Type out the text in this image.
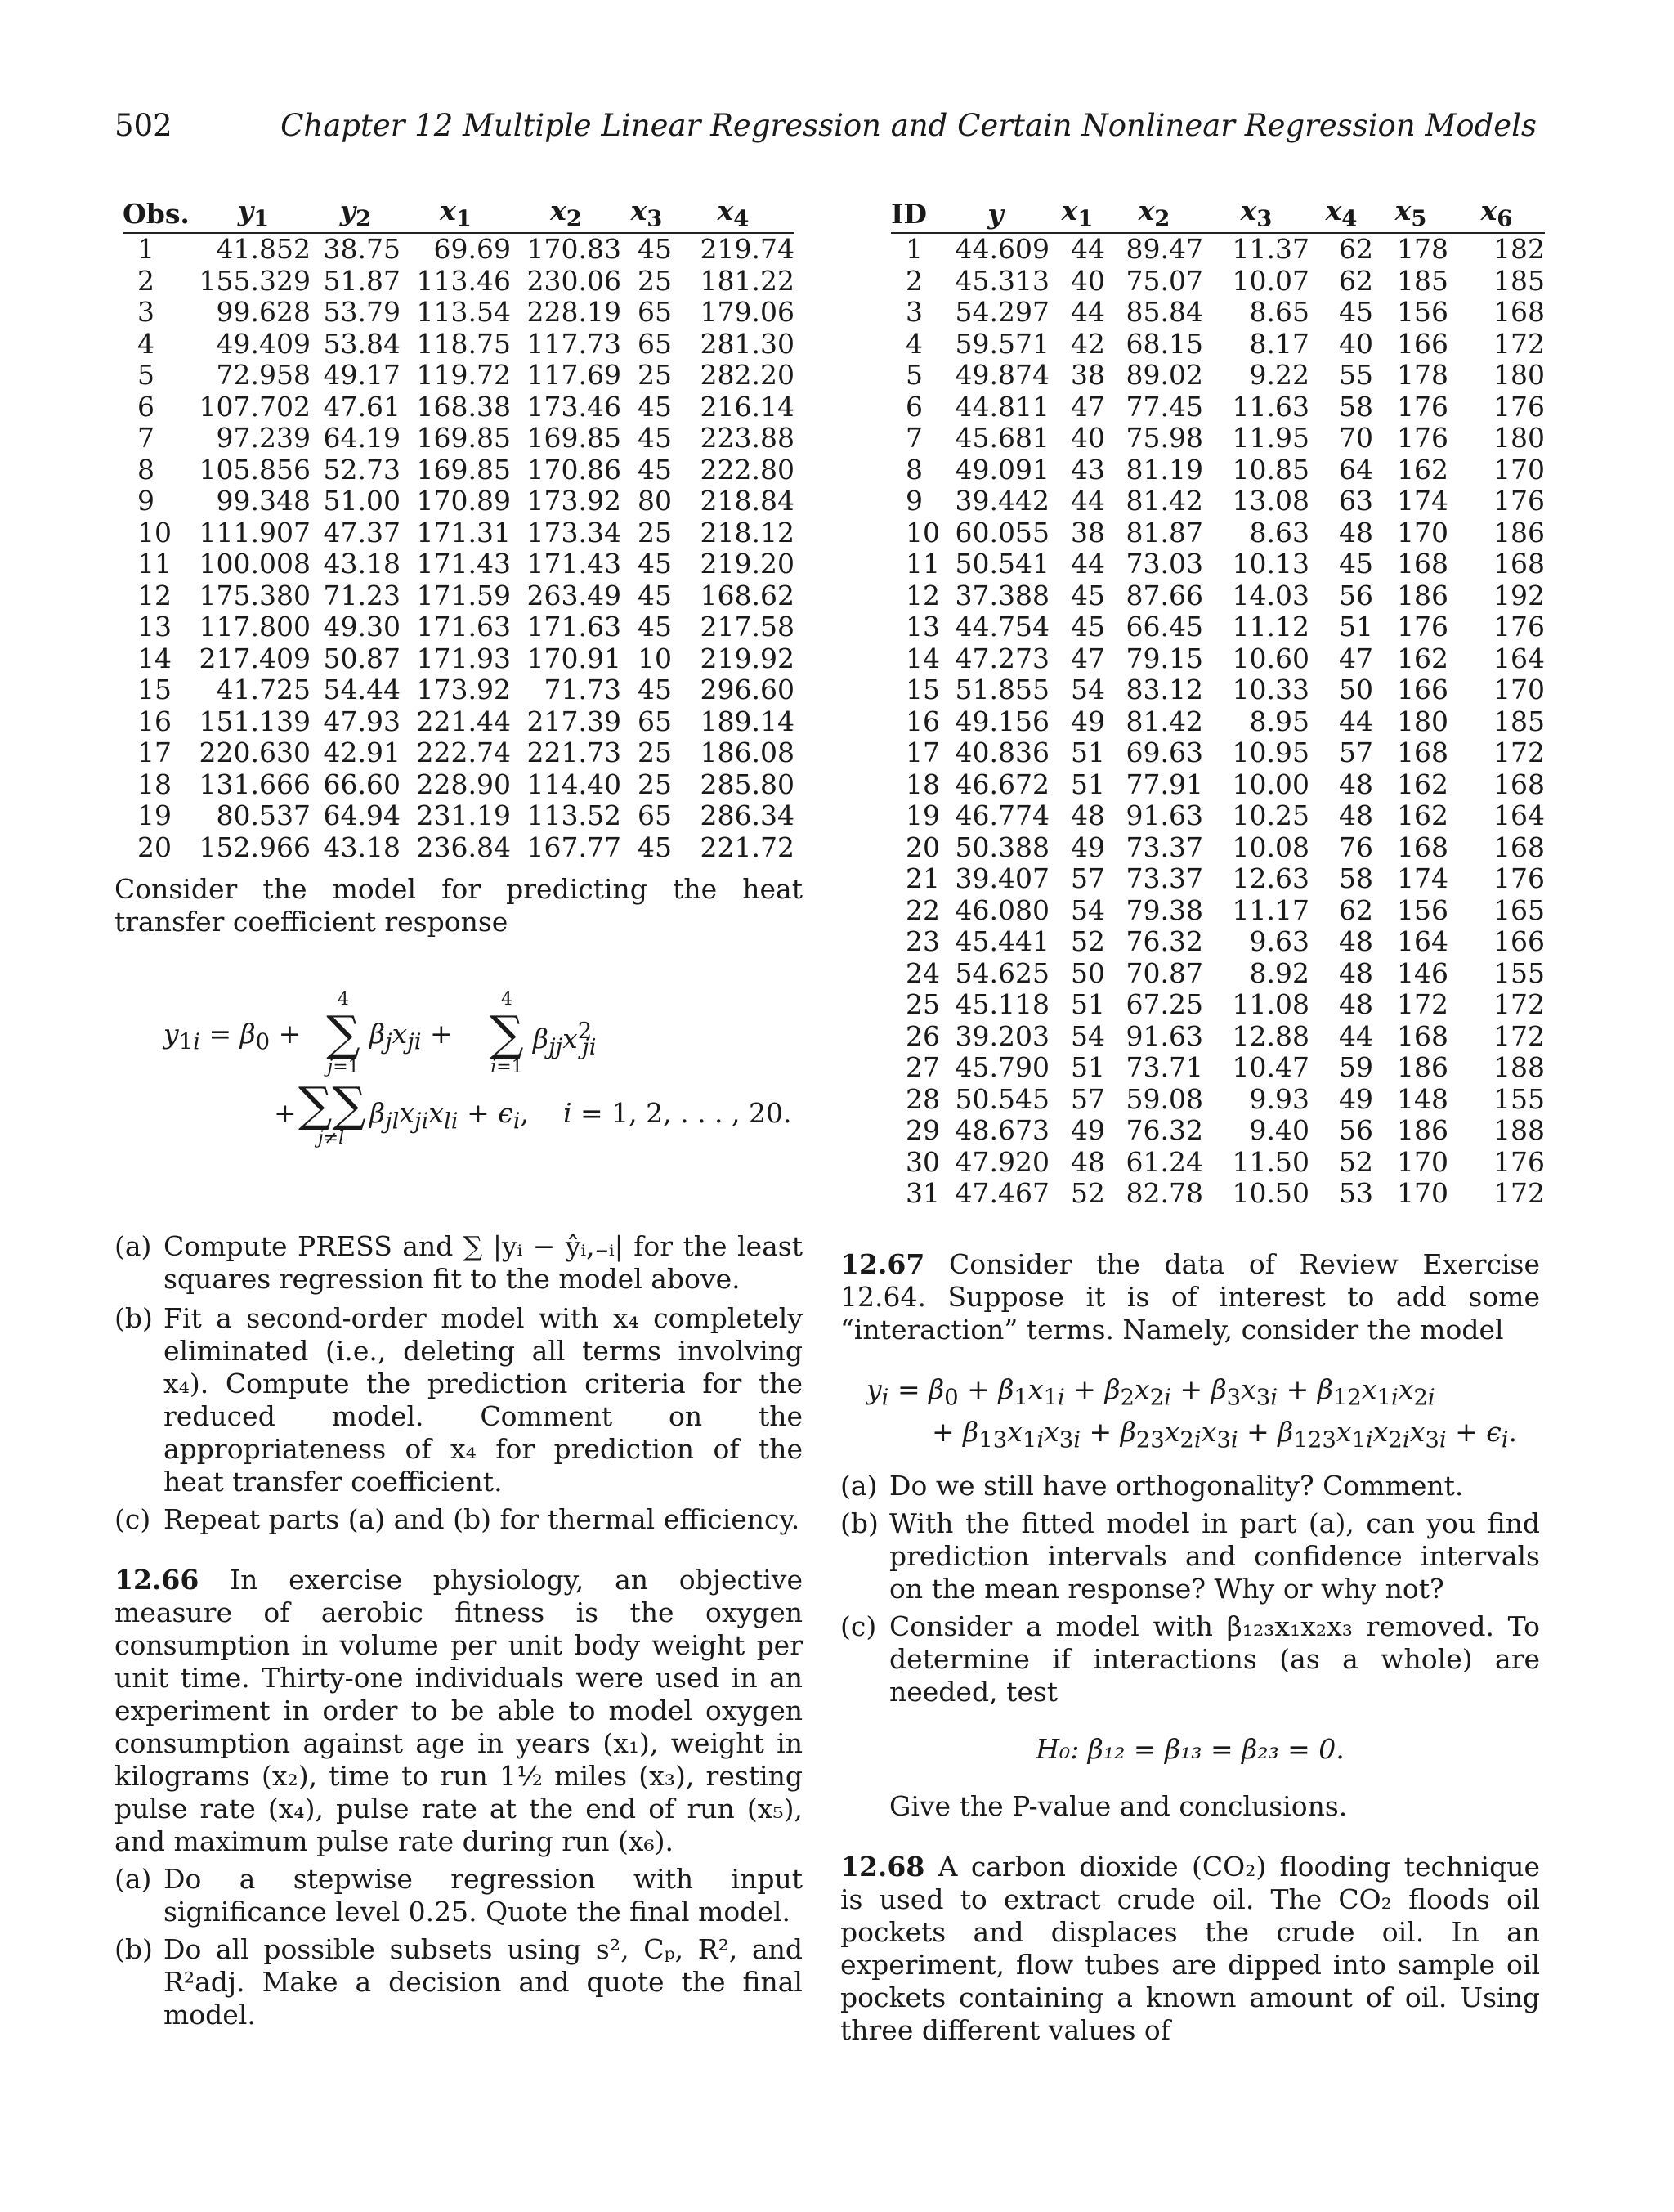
502	Chapter 12 Multiple Linear Regression and Certain Nonlinear Regression Models
Obs.	$y_1$	$y_2$	$x_1$	$x_2$	$x_3$	$x_4$
1	41.852	38.75	69.69	170.83	45	219.74
2	155.329	51.87	113.46	230.06	25	181.22
3	99.628	53.79	113.54	228.19	65	179.06
4	49.409	53.84	118.75	117.73	65	281.30
5	72.958	49.17	119.72	117.69	25	282.20
6	107.702	47.61	168.38	173.46	45	216.14
7	97.239	64.19	169.85	169.85	45	223.88
8	105.856	52.73	169.85	170.86	45	222.80
9	99.348	51.00	170.89	173.92	80	218.84
10	111.907	47.37	171.31	173.34	25	218.12
11	100.008	43.18	171.43	171.43	45	219.20
12	175.380	71.23	171.59	263.49	45	168.62
13	117.800	49.30	171.63	171.63	45	217.58
14	217.409	50.87	171.93	170.91	10	219.92
15	41.725	54.44	173.92	71.73	45	296.60
16	151.139	47.93	221.44	217.39	65	189.14
17	220.630	42.91	222.74	221.73	25	186.08
18	131.666	66.60	228.90	114.40	25	285.80
19	80.537	64.94	231.19	113.52	65	286.34
20	152.966	43.18	236.84	167.77	45	221.72
ID	y	$x_1$	$x_2$	$x_3$	$x_4$	$x_5$	$x_6$
1	44.609	44	89.47	11.37	62	178	182
2	45.313	40	75.07	10.07	62	185	185
3	54.297	44	85.84	8.65	45	156	168
4	59.571	42	68.15	8.17	40	166	172
5	49.874	38	89.02	9.22	55	178	180
6	44.811	47	77.45	11.63	58	176	176
7	45.681	40	75.98	11.95	70	176	180
8	49.091	43	81.19	10.85	64	162	170
9	39.442	44	81.42	13.08	63	174	176
10	60.055	38	81.87	8.63	48	170	186
11	50.541	44	73.03	10.13	45	168	168
12	37.388	45	87.66	14.03	56	186	192
13	44.754	45	66.45	11.12	51	176	176
14	47.273	47	79.15	10.60	47	162	164
15	51.855	54	83.12	10.33	50	166	170
16	49.156	49	81.42	8.95	44	180	185
17	40.836	51	69.63	10.95	57	168	172
18	46.672	51	77.91	10.00	48	162	168
19	46.774	48	91.63	10.25	48	162	164
20	50.388	49	73.37	10.08	76	168	168
21	39.407	57	73.37	12.63	58	174	176
22	46.080	54	79.38	11.17	62	156	165
23	45.441	52	76.32	9.63	48	164	166
24	54.625	50	70.87	8.92	48	146	155
25	45.118	51	67.25	11.08	48	172	172
26	39.203	54	91.63	12.88	44	168	172
27	45.790	51	73.71	10.47	59	186	188
28	50.545	57	59.08	9.93	49	148	155
29	48.673	49	76.32	9.40	56	186	188
30	47.920	48	61.24	11.50	52	170	176
31	47.467	52	82.78	10.50	53	170	172
Consider the model for predicting the heat transfer coefficient response
$y_{1i} = \beta_0$ +
4
∑
j=1
$\beta_jx_{ji}$ +
4
∑
i=1
$\beta_{jj}x^2_{ji}$
+ ∑∑
j≠l
$\beta_{jl}x_{ji}x_{li} + \epsilon_i$,    i = 1, 2, . . . , 20.
(a) Compute PRESS and ∑ |yᵢ − ŷᵢ,₋ᵢ| for the least squares regression fit to the model above.
(b) Fit a second-order model with x₄ completely eliminated (i.e., deleting all terms involving x₄). Compute the prediction criteria for the reduced model. Comment on the appropriateness of x₄ for prediction of the heat transfer coefficient.
(c) Repeat parts (a) and (b) for thermal efficiency.
12.66 In exercise physiology, an objective measure of aerobic fitness is the oxygen consumption in volume per unit body weight per unit time. Thirty-one individuals were used in an experiment in order to be able to model oxygen consumption against age in years (x₁), weight in kilograms (x₂), time to run 1½ miles (x₃), resting pulse rate (x₄), pulse rate at the end of run (x₅), and maximum pulse rate during run (x₆).
(a) Do a stepwise regression with input significance level 0.25. Quote the final model.
(b) Do all possible subsets using s², Cₚ, R², and R²adj. Make a decision and quote the final model.
12.67 Consider the data of Review Exercise 12.64. Suppose it is of interest to add some “interaction” terms. Namely, consider the model
$y_i = \beta_0 + \beta_1x_{1i} + \beta_2x_{2i} + \beta_3x_{3i} + \beta_{12}x_{1i}x_{2i}$
+ $\beta_{13}x_{1i}x_{3i} + \beta_{23}x_{2i}x_{3i} + \beta_{123}x_{1i}x_{2i}x_{3i} + \epsilon_i$.
(a) Do we still have orthogonality? Comment.
(b) With the fitted model in part (a), can you find prediction intervals and confidence intervals on the mean response? Why or why not?
(c) Consider a model with β₁₂₃x₁x₂x₃ removed. To determine if interactions (as a whole) are needed, test
H₀: β₁₂ = β₁₃ = β₂₃ = 0.
Give the P-value and conclusions.
12.68 A carbon dioxide (CO₂) flooding technique is used to extract crude oil. The CO₂ floods oil pockets and displaces the crude oil. In an experiment, flow tubes are dipped into sample oil pockets containing a known amount of oil. Using three different values of
